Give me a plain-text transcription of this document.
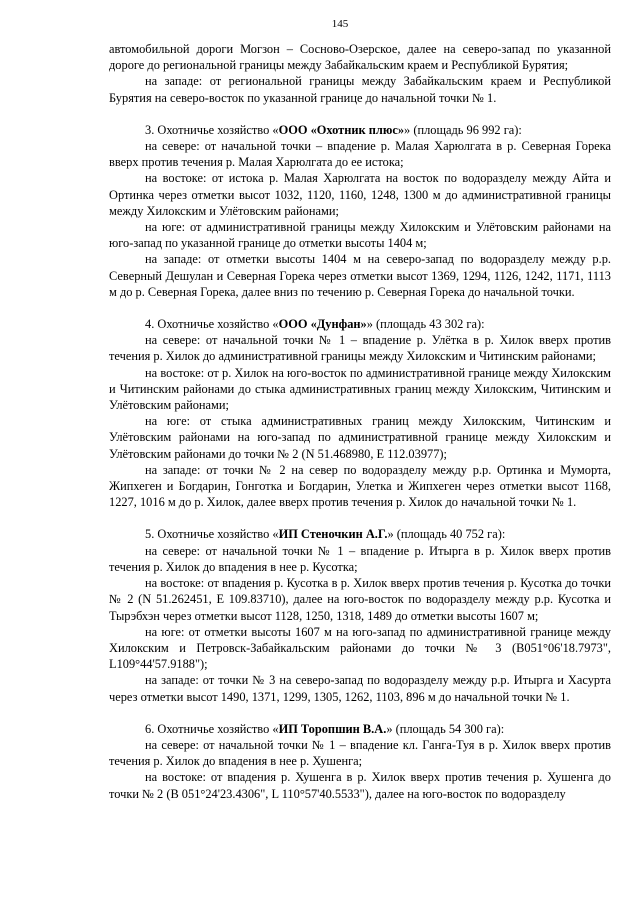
145

автомобильной дороги Могзон – Сосново-Озерское, далее на северо-запад по указанной дороге до региональной границы между Забайкальским краем и Республикой Бурятия;

на западе: от региональной границы между Забайкальским краем и Республикой Бурятия на северо-восток по указанной границе до начальной точки № 1.

3. Охотничье хозяйство «ООО «Охотник плюс»» (площадь 96 992 га):

на севере: от начальной точки – впадение р. Малая Харюлгата в р. Северная Горека вверх против течения р. Малая Харюлгата до ее истока;

на востоке: от истока р. Малая Харюлгата на восток по водоразделу между Айта и Ортинка через отметки высот 1032, 1120, 1160, 1248, 1300 м до административной границы между Хилокским и Улётовским районами;

на юге: от административной границы между Хилокским и Улётовским районами на юго-запад по указанной границе до отметки высоты 1404 м;

на западе: от отметки высоты 1404 м на северо-запад по водоразделу между р.р. Северный Дешулан и Северная Горека через отметки высот 1369, 1294, 1126, 1242, 1171, 1113 м до р. Северная Горека, далее вниз по течению р. Северная Горека до начальной точки.

4. Охотничье хозяйство «ООО «Дунфан»» (площадь 43 302 га):

на севере: от начальной точки № 1 – впадение р. Улётка в р. Хилок вверх против течения р. Хилок до административной границы между Хилокским и Читинским районами;

на востоке: от р. Хилок на юго-восток по административной границе между Хилокским и Читинским районами до стыка административных границ между Хилокским, Читинским и Улётовским районами;

на юге: от стыка административных границ между Хилокским, Читинским и Улётовским районами на юго-запад по административной границе между Хилокским и Улётовским районами до точки № 2 (N 51.468980, E 112.03977);

на западе: от точки № 2 на север по водоразделу между р.р. Ортинка и Мумортa, Жипхеген и Богдарин, Гонготка и Богдарин, Улетка и Жипхеген через отметки высот 1168, 1227, 1016 м до р. Хилок, далее вверх против течения р. Хилок до начальной точки № 1.

5. Охотничье хозяйство «ИП Стеночкин А.Г.» (площадь 40 752 га):

на севере: от начальной точки № 1 – впадение р. Итырга в р. Хилок вверх против течения р. Хилок до впадения в нее р. Кусотка;

на востоке: от впадения р. Кусотка в р. Хилок вверх против течения р. Кусотка до точки № 2 (N 51.262451, E 109.83710), далее на юго-восток по водоразделу между р.р. Кусотка и Тырэбхэн через отметки высот 1128, 1250, 1318, 1489 до отметки высоты 1607 м;

на юге: от отметки высоты 1607 м на юго-запад по административной границе между Хилокским и Петровск-Забайкальским районами до точки № 3 (B051°06'18.7973", L109°44'57.9188");

на западе: от точки № 3 на северо-запад по водоразделу между р.р. Итырга и Хасурта через отметки высот 1490, 1371, 1299, 1305, 1262, 1103, 896 м до начальной точки № 1.

6. Охотничье хозяйство «ИП Торопшин В.А.» (площадь 54 300 га):

на севере: от начальной точки № 1 – впадение кл. Ганга-Туя в р. Хилок вверх против течения р. Хилок до впадения в нее р. Хушенга;

на востоке: от впадения р. Хушенга в р. Хилок вверх против течения р. Хушенга до точки № 2 (B 051°24'23.4306", L 110°57'40.5533"), далее на юго-восток по водоразделу
